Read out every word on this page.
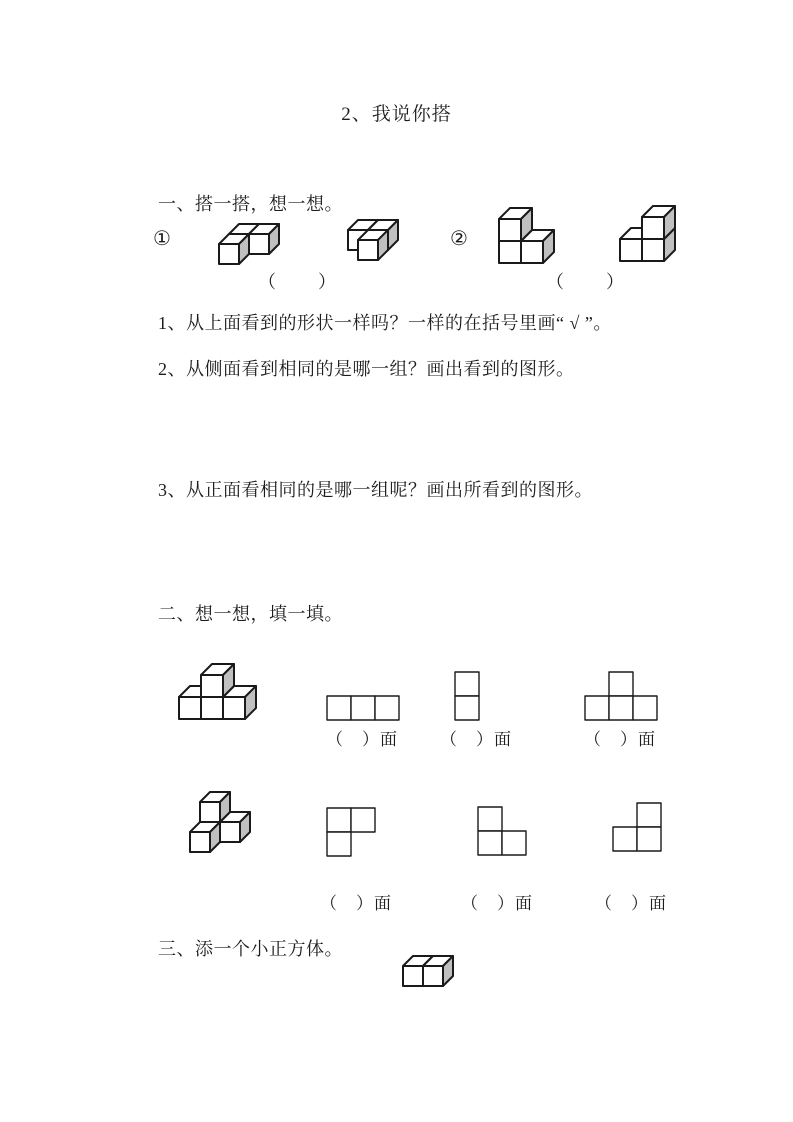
2、我说你搭
一、搭一搭，想一想。
①
（　　）
②
（　　）
1、从上面看到的形状一样吗？一样的在括号里画“ √ ”。
2、从侧面看到相同的是哪一组？画出看到的图形。
3、从正面看相同的是哪一组呢？画出所看到的图形。
二、想一想，填一填。
（　）面 （　）面	（　）面
（　）面	（　）面	（　）面
三、添一个小正方体。
